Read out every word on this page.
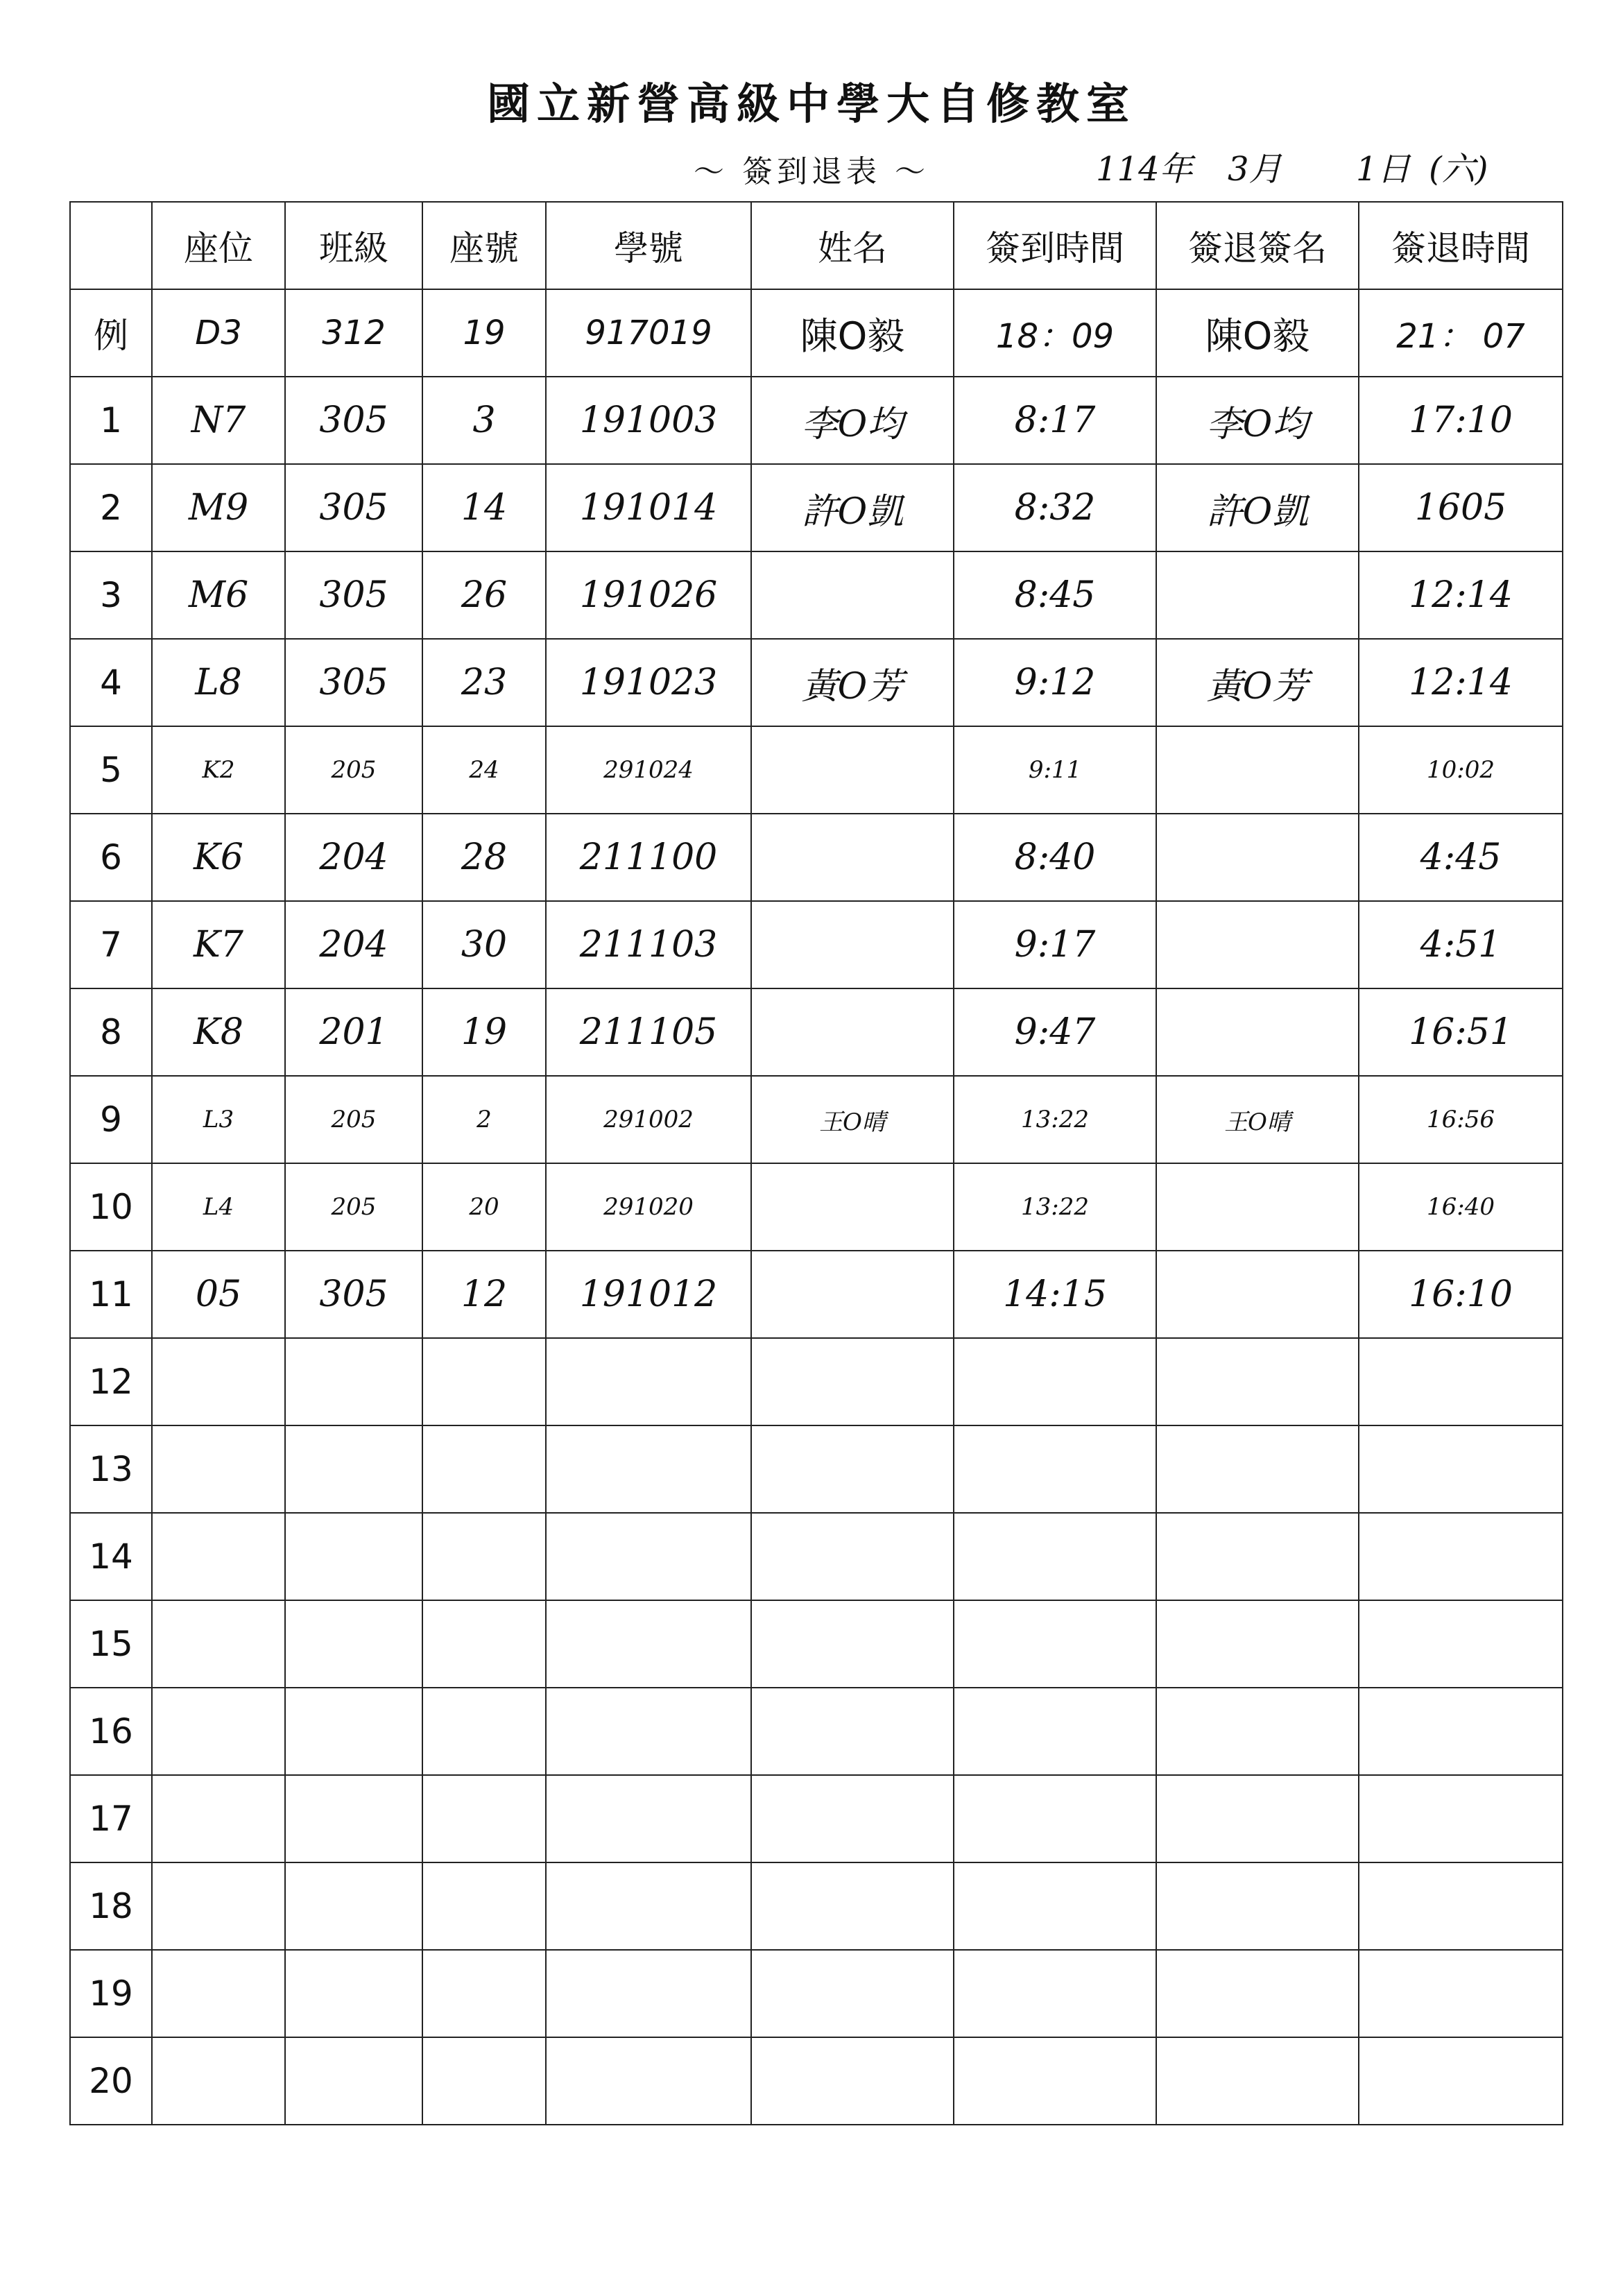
國立新營高級中學大自修教室
～ 簽到退表 ～	114年 3月 1日 (六)
	座位	班級	座號	學號	姓名	簽到時間	簽退簽名	簽退時間
例	D3	312	19	917019	陳O毅	18：09	陳O毅	21： 07
1	N7	305	3	191003	李O均	8:17	李O均	17:10
2	M9	305	14	191014	許O凱	8:32	許O凱	1605
3	M6	305	26	191026		8:45		12:14
4	L8	305	23	191023	黃O芳	9:12	黃O芳	12:14
5	K2	205	24	291024		9:11		10:02
6	K6	204	28	211100		8:40		4:45
7	K7	204	30	211103		9:17		4:51
8	K8	201	19	211105		9:47		16:51
9	L3	205	2	291002	王O晴	13:22	王O晴	16:56
10	L4	205	20	291020		13:22		16:40
11	05	305	12	191012		14:15		16:10
12								
13								
14								
15								
16								
17								
18								
19								
20								
